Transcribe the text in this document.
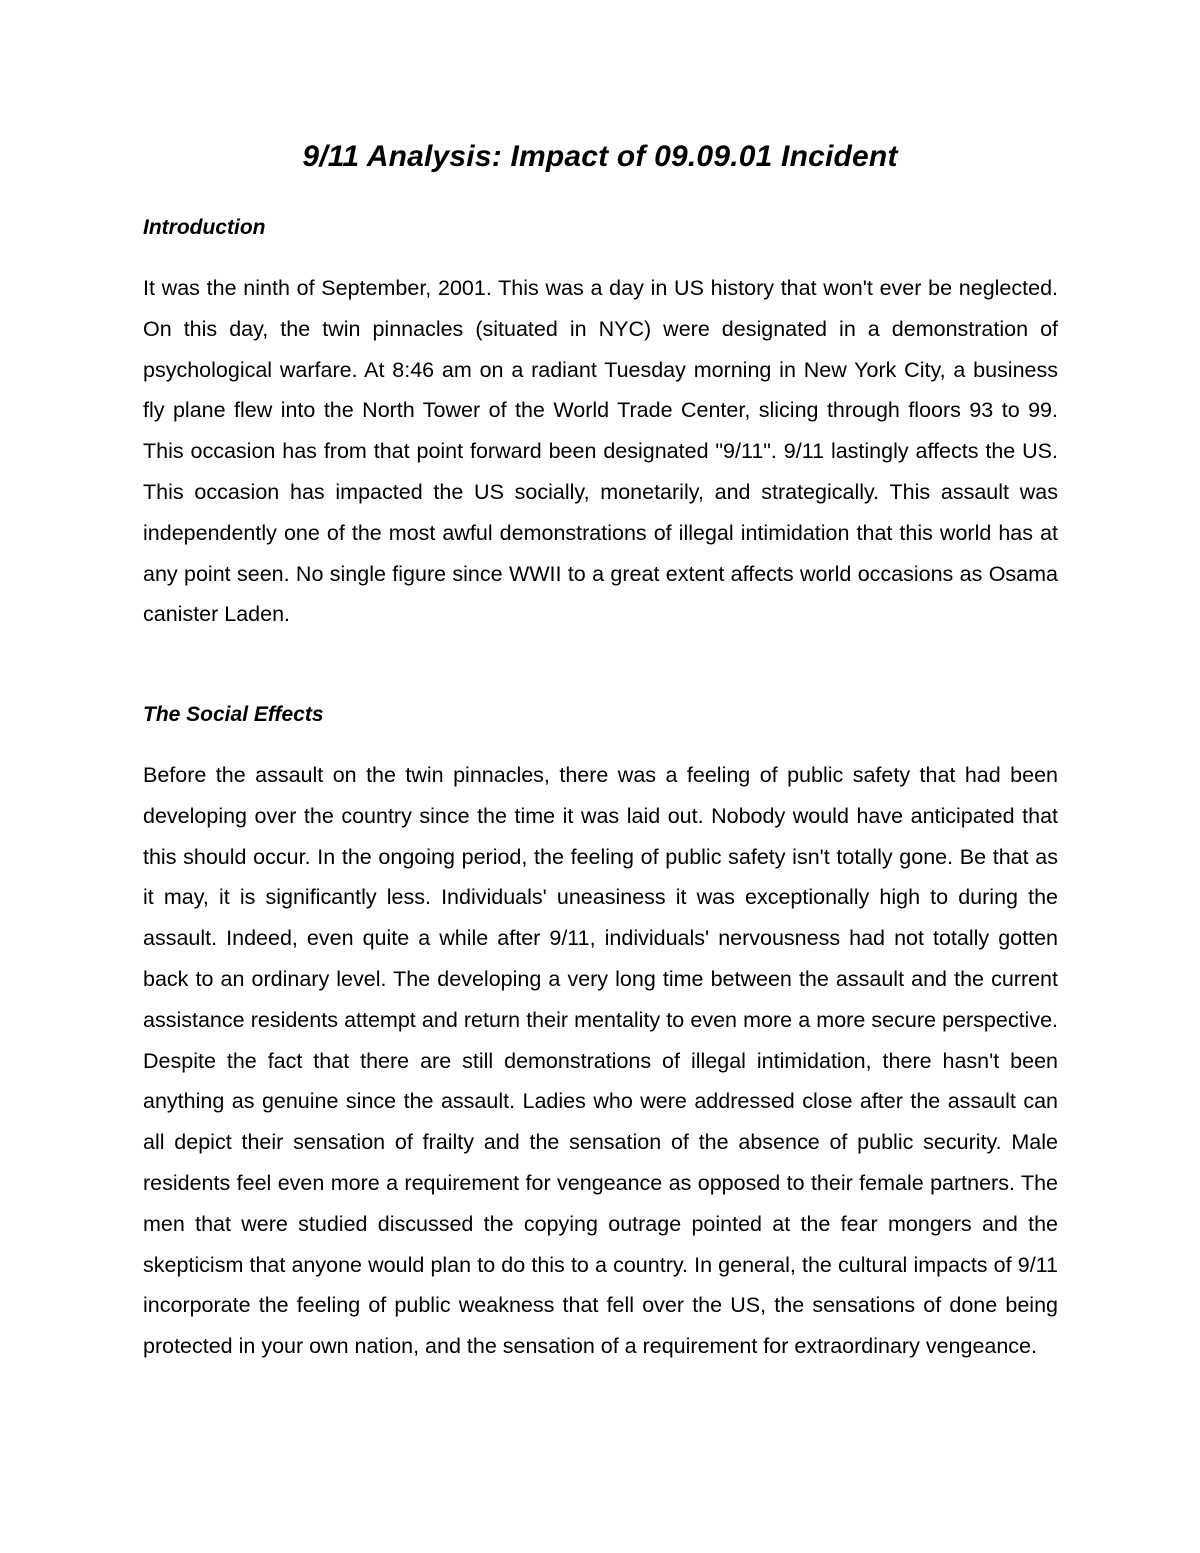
9/11 Analysis: Impact of 09.09.01 Incident
Introduction

It was the ninth of September, 2001. This was a day in US history that won't ever be neglected. On this day, the twin pinnacles (situated in NYC) were designated in a demonstration of psychological warfare. At 8:46 am on a radiant Tuesday morning in New York City, a business fly plane flew into the North Tower of the World Trade Center, slicing through floors 93 to 99. This occasion has from that point forward been designated "9/11". 9/11 lastingly affects the US. This occasion has impacted the US socially, monetarily, and strategically. This assault was independently one of the most awful demonstrations of illegal intimidation that this world has at any point seen. No single figure since WWII to a great extent affects world occasions as Osama canister Laden.

The Social Effects

Before the assault on the twin pinnacles, there was a feeling of public safety that had been developing over the country since the time it was laid out. Nobody would have anticipated that this should occur. In the ongoing period, the feeling of public safety isn't totally gone. Be that as it may, it is significantly less. Individuals' uneasiness it was exceptionally high to during the assault. Indeed, even quite a while after 9/11, individuals' nervousness had not totally gotten back to an ordinary level. The developing a very long time between the assault and the current assistance residents attempt and return their mentality to even more a more secure perspective. Despite the fact that there are still demonstrations of illegal intimidation, there hasn't been anything as genuine since the assault. Ladies who were addressed close after the assault can all depict their sensation of frailty and the sensation of the absence of public security. Male residents feel even more a requirement for vengeance as opposed to their female partners. The men that were studied discussed the copying outrage pointed at the fear mongers and the skepticism that anyone would plan to do this to a country. In general, the cultural impacts of 9/11 incorporate the feeling of public weakness that fell over the US, the sensations of done being protected in your own nation, and the sensation of a requirement for extraordinary vengeance.
